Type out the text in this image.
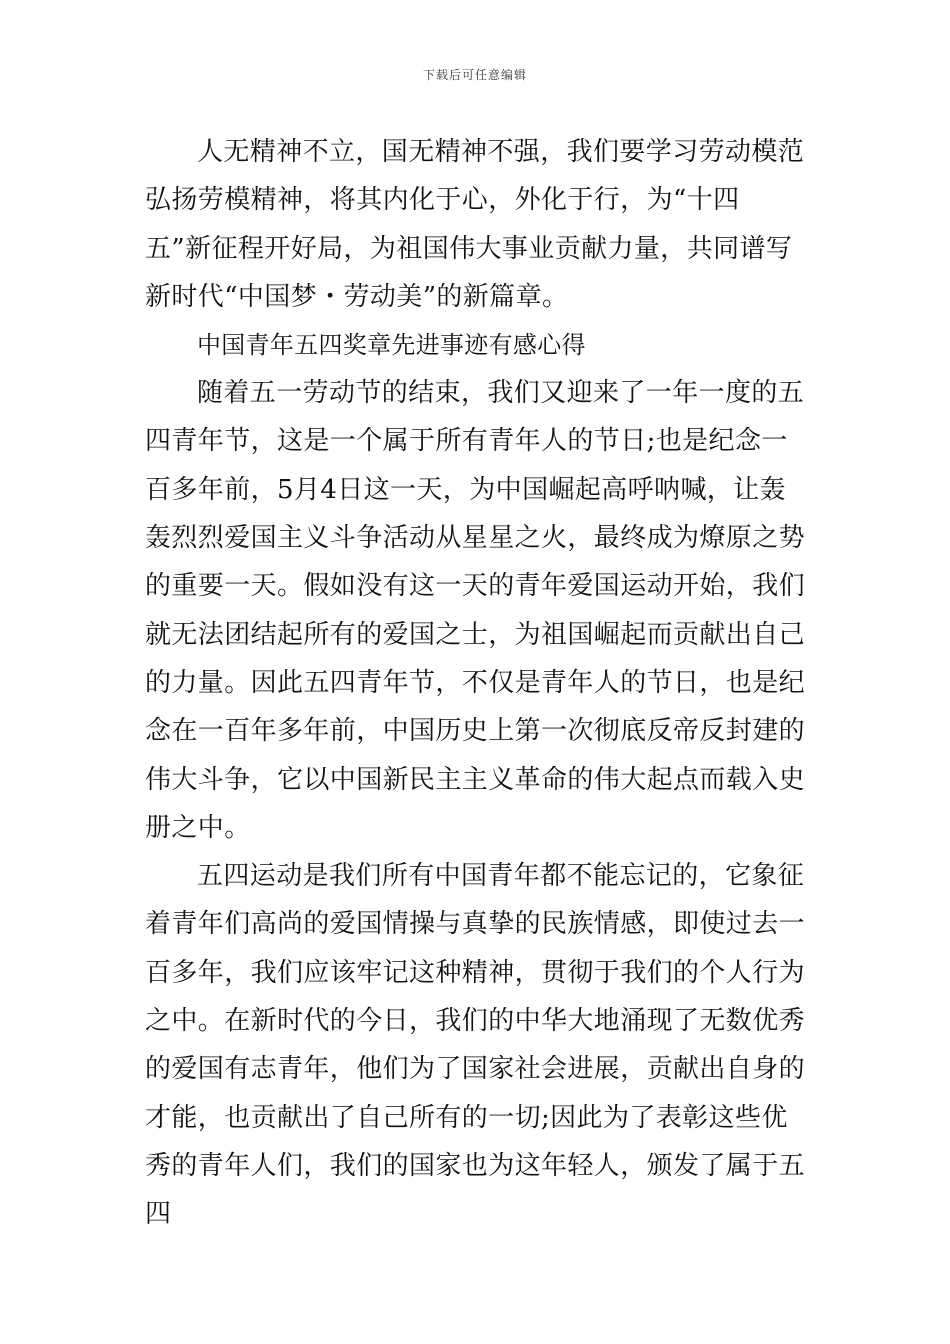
下载后可任意编辑

人无精神不立，国无精神不强，我们要学习劳动模范弘扬劳模精神，将其内化于心，外化于行，为“十四五”新征程开好局，为祖国伟大事业贡献力量，共同谱写新时代“中国梦・劳动美”的新篇章。

中国青年五四奖章先进事迹有感心得

随着五一劳动节的结束，我们又迎来了一年一度的五四青年节，这是一个属于所有青年人的节日;也是纪念一百多年前，5月4日这一天，为中国崛起高呼呐喊，让轰轰烈烈爱国主义斗争活动从星星之火，最终成为燎原之势的重要一天。假如没有这一天的青年爱国运动开始，我们就无法团结起所有的爱国之士，为祖国崛起而贡献出自己的力量。因此五四青年节，不仅是青年人的节日，也是纪念在一百年多年前，中国历史上第一次彻底反帝反封建的伟大斗争，它以中国新民主主义革命的伟大起点而载入史册之中。

五四运动是我们所有中国青年都不能忘记的，它象征着青年们高尚的爱国情操与真挚的民族情感，即使过去一百多年，我们应该牢记这种精神，贯彻于我们的个人行为之中。在新时代的今日，我们的中华大地涌现了无数优秀的爱国有志青年，他们为了国家社会进展，贡献出自身的才能，也贡献出了自己所有的一切;因此为了表彰这些优秀的青年人们，我们的国家也为这年轻人，颁发了属于五四
